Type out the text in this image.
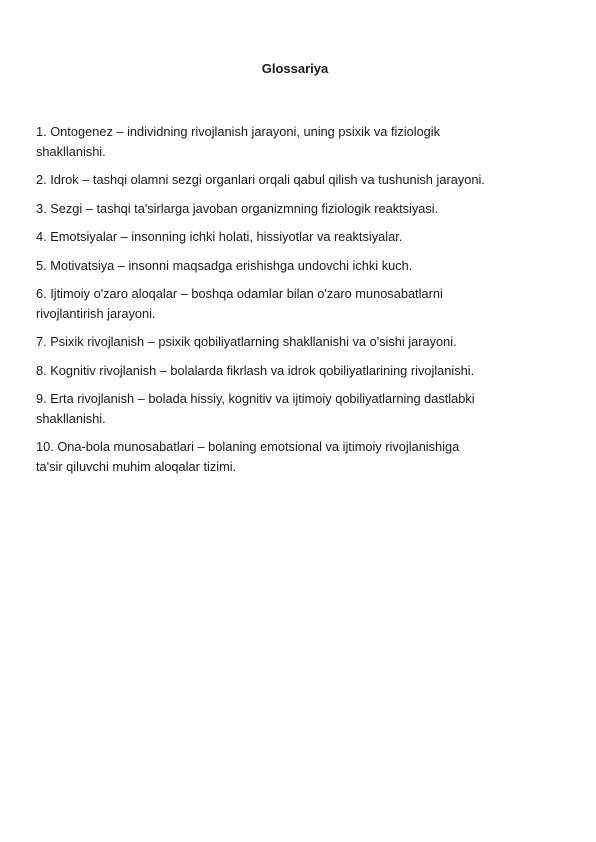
Glossariya
1. Ontogenez – individning rivojlanish jarayoni, uning psixik va fiziologik
shakllanishi.
2. Idrok – tashqi olamni sezgi organlari orqali qabul qilish va tushunish jarayoni.
3. Sezgi – tashqi ta'sirlarga javoban organizmning fiziologik reaktsiyasi.
4. Emotsiyalar – insonning ichki holati, hissiyotlar va reaktsiyalar.
5. Motivatsiya – insonni maqsadga erishishga undovchi ichki kuch.
6. Ijtimoiy o'zaro aloqalar – boshqa odamlar bilan o'zaro munosabatlarni
rivojlantirish jarayoni.
7. Psixik rivojlanish – psixik qobiliyatlarning shakllanishi va o'sishi jarayoni.
8. Kognitiv rivojlanish – bolalarda fikrlash va idrok qobiliyatlarining rivojlanishi.
9. Erta rivojlanish – bolada hissiy, kognitiv va ijtimoiy qobiliyatlarning dastlabki
shakllanishi.
10. Ona-bola munosabatlari – bolaning emotsional va ijtimoiy rivojlanishiga
ta'sir qiluvchi muhim aloqalar tizimi.
